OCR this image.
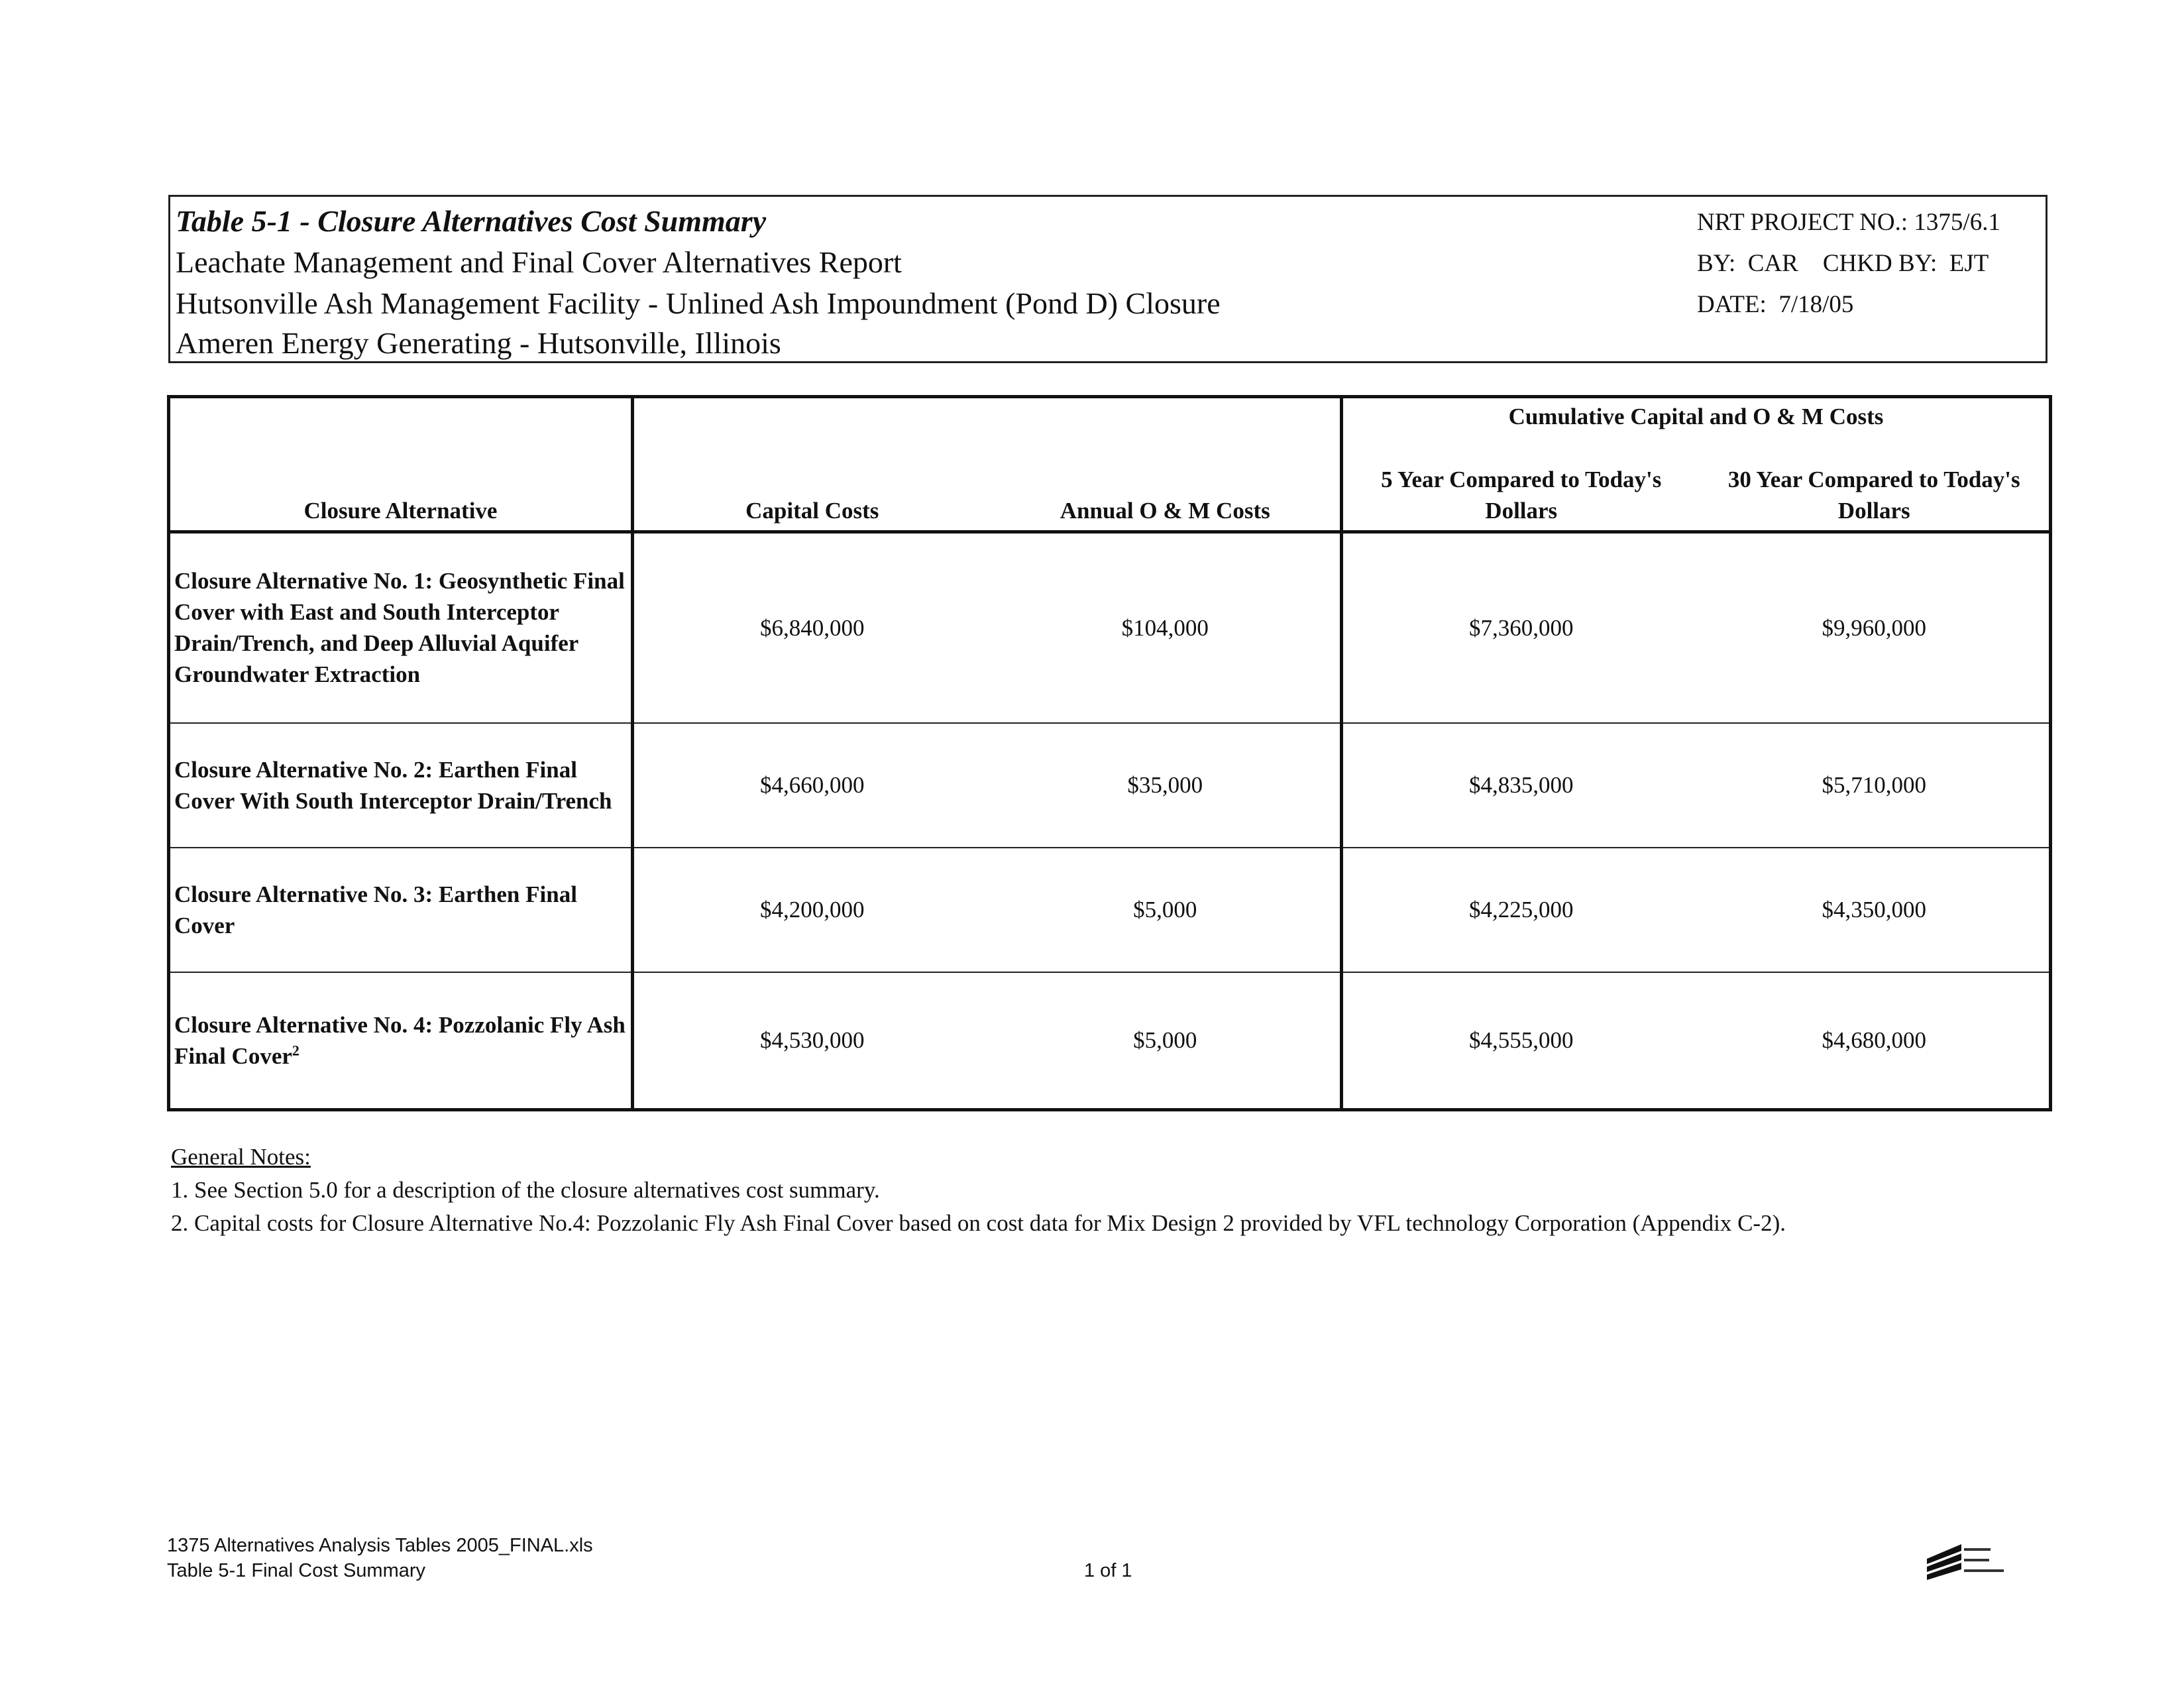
Table 5-1 - Closure Alternatives Cost Summary
Leachate Management and Final Cover Alternatives Report
Hutsonville Ash Management Facility - Unlined Ash Impoundment (Pond D) Closure
Ameren Energy Generating - Hutsonville, Illinois
NRT PROJECT NO.: 1375/6.1
BY:  CAR    CHKD BY:  EJT
DATE:  7/18/05
Closure Alternative	Capital Costs	Annual O & M Costs	Cumulative Capital and O & M Costs	
			5 Year Compared to Today's Dollars	30 Year Compared to Today's Dollars
Closure Alternative No. 1: Geosynthetic Final Cover with East and South Interceptor Drain/Trench, and Deep Alluvial Aquifer Groundwater Extraction	$6,840,000	$104,000	$7,360,000	$9,960,000
Closure Alternative No. 2: Earthen Final Cover With South Interceptor Drain/Trench	$4,660,000	$35,000	$4,835,000	$5,710,000
Closure Alternative No. 3: Earthen Final Cover	$4,200,000	$5,000	$4,225,000	$4,350,000
Closure Alternative No. 4: Pozzolanic Fly Ash Final Cover$^2$	$4,530,000	$5,000	$4,555,000	$4,680,000
General Notes:
1. See Section 5.0 for a description of the closure alternatives cost summary.
2. Capital costs for Closure Alternative No.4: Pozzolanic Fly Ash Final Cover based on cost data for Mix Design 2 provided by VFL technology Corporation (Appendix C-2).
1375 Alternatives Analysis Tables 2005_FINAL.xls
Table 5-1 Final Cost Summary	1 of 1
